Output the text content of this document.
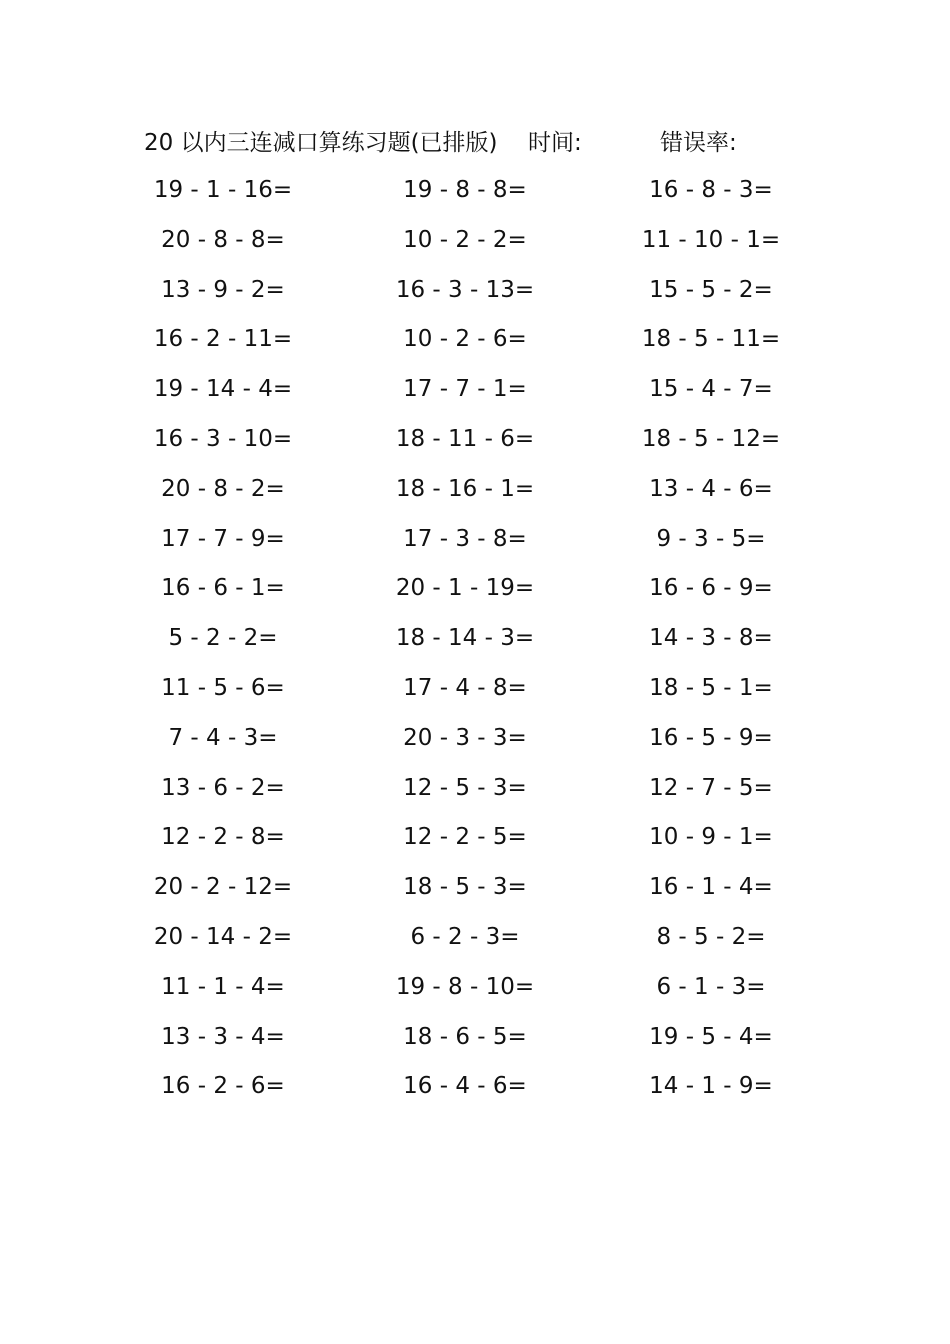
20 以内三连减口算练习题(已排版) 时间:	错误率:
19 - 1 - 16=	19 - 8 - 8=	16 - 8 - 3=
20 - 8 - 8=	10 - 2 - 2=	11 - 10 - 1=
13 - 9 - 2=	16 - 3 - 13=	15 - 5 - 2=
16 - 2 - 11=	10 - 2 - 6=	18 - 5 - 11=
19 - 14 - 4=	17 - 7 - 1=	15 - 4 - 7=
16 - 3 - 10=	18 - 11 - 6=	18 - 5 - 12=
20 - 8 - 2=	18 - 16 - 1=	13 - 4 - 6=
17 - 7 - 9=	17 - 3 - 8=	9 - 3 - 5=
16 - 6 - 1=	20 - 1 - 19=	16 - 6 - 9=
5 - 2 - 2=	18 - 14 - 3=	14 - 3 - 8=
11 - 5 - 6=	17 - 4 - 8=	18 - 5 - 1=
7 - 4 - 3=	20 - 3 - 3=	16 - 5 - 9=
13 - 6 - 2=	12 - 5 - 3=	12 - 7 - 5=
12 - 2 - 8=	12 - 2 - 5=	10 - 9 - 1=
20 - 2 - 12=	18 - 5 - 3=	16 - 1 - 4=
20 - 14 - 2=	6 - 2 - 3=	8 - 5 - 2=
11 - 1 - 4=	19 - 8 - 10=	6 - 1 - 3=
13 - 3 - 4=	18 - 6 - 5=	19 - 5 - 4=
16 - 2 - 6=	16 - 4 - 6=	14 - 1 - 9=
